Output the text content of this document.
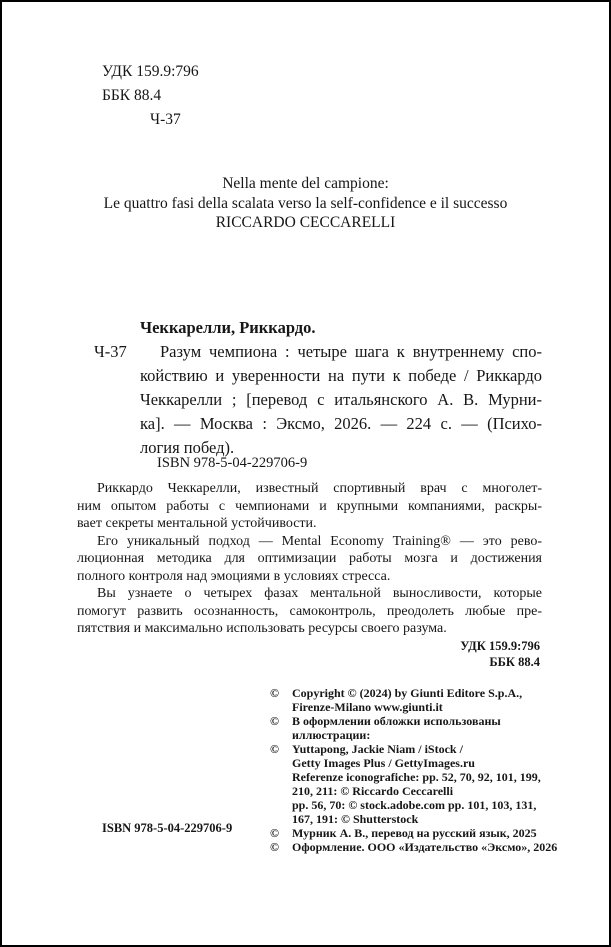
УДК 159.9:796
ББК 88.4
Ч-37
Nella mente del campione:
Le quattro fasi della scalata verso la self-confidence e il successo
RICCARDO CECCARELLI
Чеккарелли, Риккардо.
Ч-37	Разум чемпиона : четыре шага к внутреннему спо-
койствию и уверенности на пути к победе / Риккардо
Чеккарелли ; [перевод с итальянского А. В. Мурни-
ка]. — Москва : Эксмо, 2026. — 224 с. — (Психо-
логия побед).
ISBN 978-5-04-229706-9
Риккардо Чеккарелли, известный спортивный врач с многолет-
ним опытом работы с чемпионами и крупными компаниями, раскры-
вает секреты ментальной устойчивости.
Его уникальный подход — Mental Economy Training® — это рево-
люционная методика для оптимизации работы мозга и достижения
полного контроля над эмоциями в условиях стресса.
Вы узнаете о четырех фазах ментальной выносливости, которые
помогут развить осознанность, самоконтроль, преодолеть любые пре-
пятствия и максимально использовать ресурсы своего разума.
УДК 159.9:796
ББК 88.4
©	Copyright © (2024) by Giunti Editore S.p.A.,
Firenze-Milano www.giunti.it
©	В оформлении обложки использованы
иллюстрации:
©	Yuttapong, Jackie Niam / iStock /
Getty Images Plus / GettyImages.ru
Referenze iconografiche: pp. 52, 70, 92, 101, 199,
210, 211: © Riccardo Ceccarelli
pp. 56, 70: © stock.adobe.com pp. 101, 103, 131,
167, 191: © Shutterstock
©	Мурник А. В., перевод на русский язык, 2025
©	Оформление. ООО «Издательство «Эксмо», 2026
ISBN 978-5-04-229706-9
